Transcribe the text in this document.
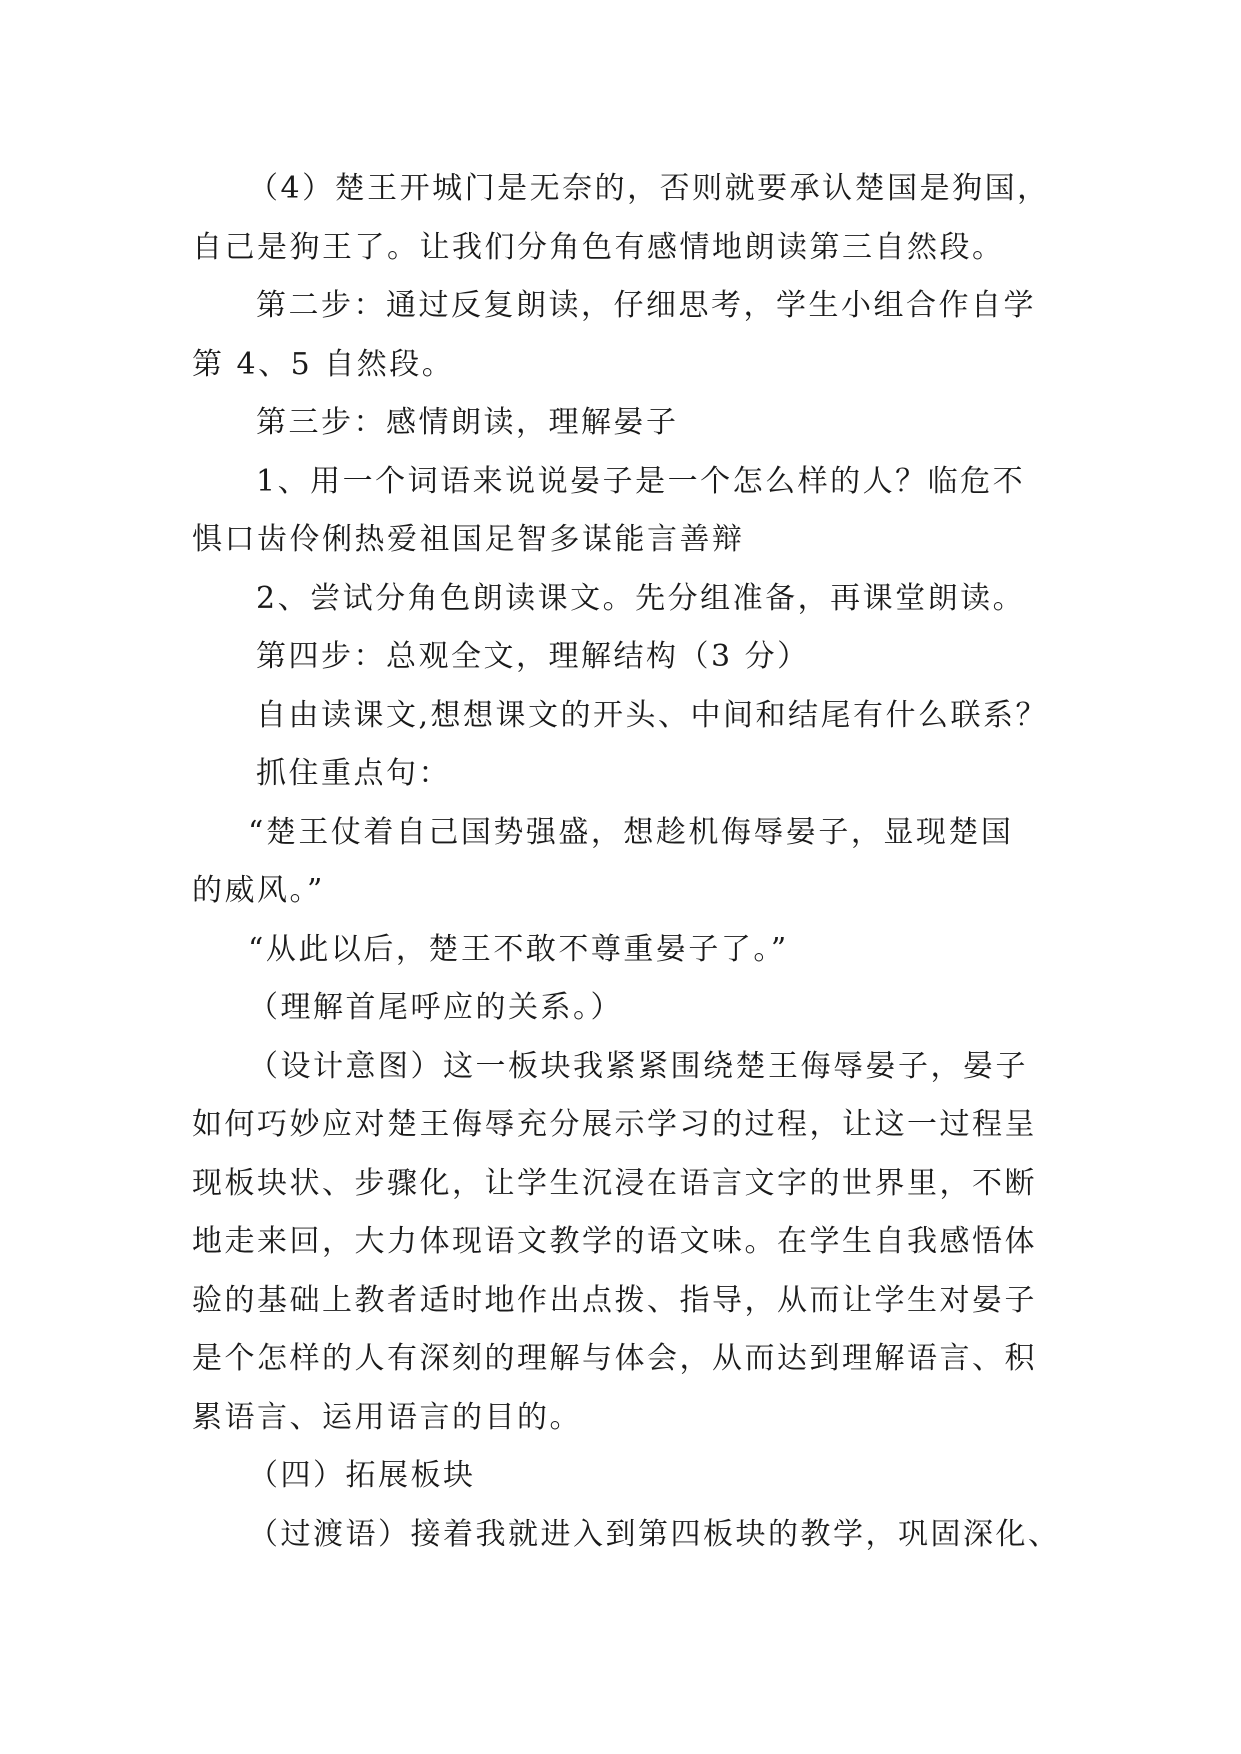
（4）楚王开城门是无奈的，否则就要承认楚国是狗国，
自己是狗王了。让我们分角色有感情地朗读第三自然段。
第二步：通过反复朗读，仔细思考，学生小组合作自学
第 4、5 自然段。
第三步：感情朗读，理解晏子
1、用一个词语来说说晏子是一个怎么样的人？临危不
惧口齿伶俐热爱祖国足智多谋能言善辩
2、尝试分角色朗读课文。先分组准备，再课堂朗读。
第四步：总观全文，理解结构（3 分）
自由读课文,想想课文的开头、中间和结尾有什么联系？
抓住重点句：
“楚王仗着自己国势强盛，想趁机侮辱晏子，显现楚国
的威风。”
“从此以后，楚王不敢不尊重晏子了。”
（理解首尾呼应的关系。）
（设计意图）这一板块我紧紧围绕楚王侮辱晏子，晏子
如何巧妙应对楚王侮辱充分展示学习的过程，让这一过程呈
现板块状、步骤化，让学生沉浸在语言文字的世界里，不断
地走来回，大力体现语文教学的语文味。在学生自我感悟体
验的基础上教者适时地作出点拨、指导，从而让学生对晏子
是个怎样的人有深刻的理解与体会，从而达到理解语言、积
累语言、运用语言的目的。
（四）拓展板块
（过渡语）接着我就进入到第四板块的教学，巩固深化、
